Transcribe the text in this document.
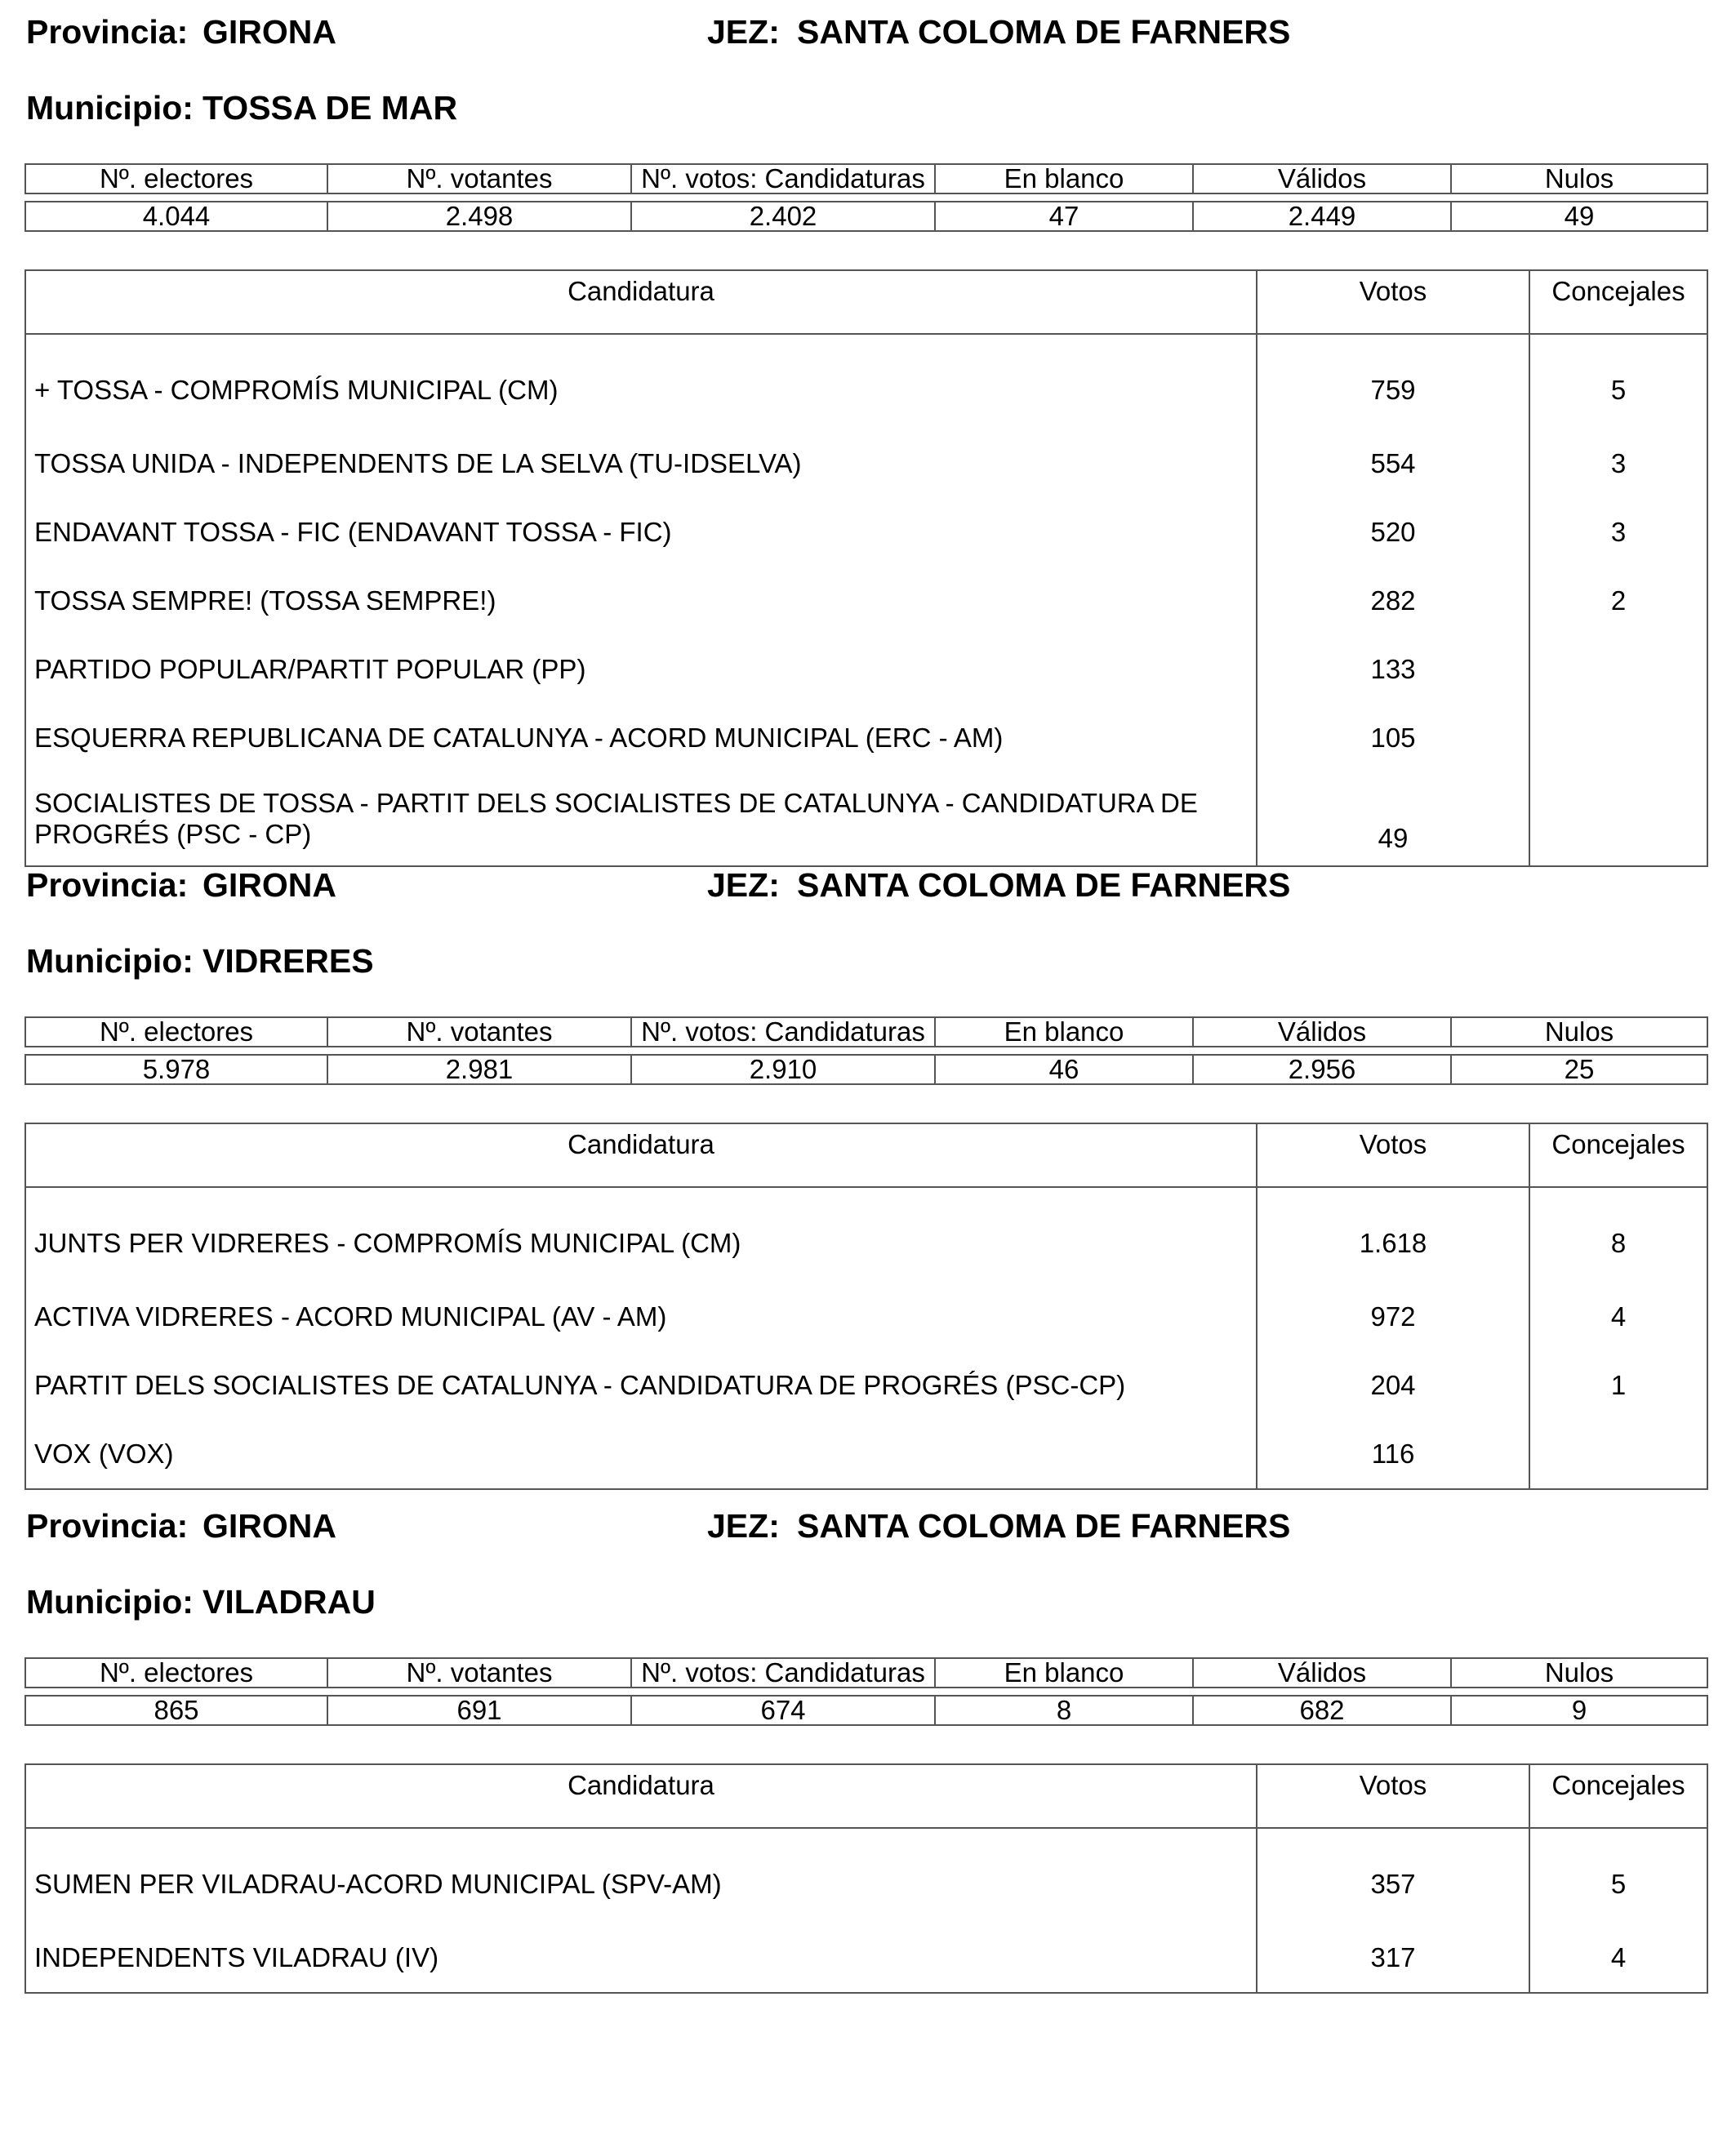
Provincia: GIRONA	JEZ: SANTA COLOMA DE FARNERS
Municipio: TOSSA DE MAR
Nº. electores	Nº. votantes	Nº. votos: Candidaturas	En blanco	Válidos	Nulos

4.044	2.498	2.402	47	2.449	49
Candidatura	Votos	Concejales
+ TOSSA - COMPROMÍS MUNICIPAL (CM)	759	5
TOSSA UNIDA - INDEPENDENTS DE LA SELVA (TU-IDSELVA)	554	3
ENDAVANT TOSSA - FIC (ENDAVANT TOSSA - FIC)	520	3
TOSSA SEMPRE! (TOSSA SEMPRE!)	282	2
PARTIDO POPULAR/PARTIT POPULAR (PP)	133	
ESQUERRA REPUBLICANA DE CATALUNYA - ACORD MUNICIPAL (ERC - AM)	105	
SOCIALISTES DE TOSSA - PARTIT DELS SOCIALISTES DE CATALUNYA - CANDIDATURA DE PROGRÉS (PSC - CP)	49	
Provincia: GIRONA	JEZ: SANTA COLOMA DE FARNERS
Municipio: VIDRERES
Nº. electores	Nº. votantes	Nº. votos: Candidaturas	En blanco	Válidos	Nulos

5.978	2.981	2.910	46	2.956	25
Candidatura	Votos	Concejales
JUNTS PER VIDRERES - COMPROMÍS MUNICIPAL (CM)	1.618	8
ACTIVA VIDRERES - ACORD MUNICIPAL (AV - AM)	972	4
PARTIT DELS SOCIALISTES DE CATALUNYA - CANDIDATURA DE PROGRÉS (PSC-CP)	204	1
VOX (VOX)	116	
Provincia: GIRONA	JEZ: SANTA COLOMA DE FARNERS
Municipio: VILADRAU
Nº. electores	Nº. votantes	Nº. votos: Candidaturas	En blanco	Válidos	Nulos

865	691	674	8	682	9
Candidatura	Votos	Concejales
SUMEN PER VILADRAU-ACORD MUNICIPAL (SPV-AM)	357	5
INDEPENDENTS VILADRAU (IV)	317	4
